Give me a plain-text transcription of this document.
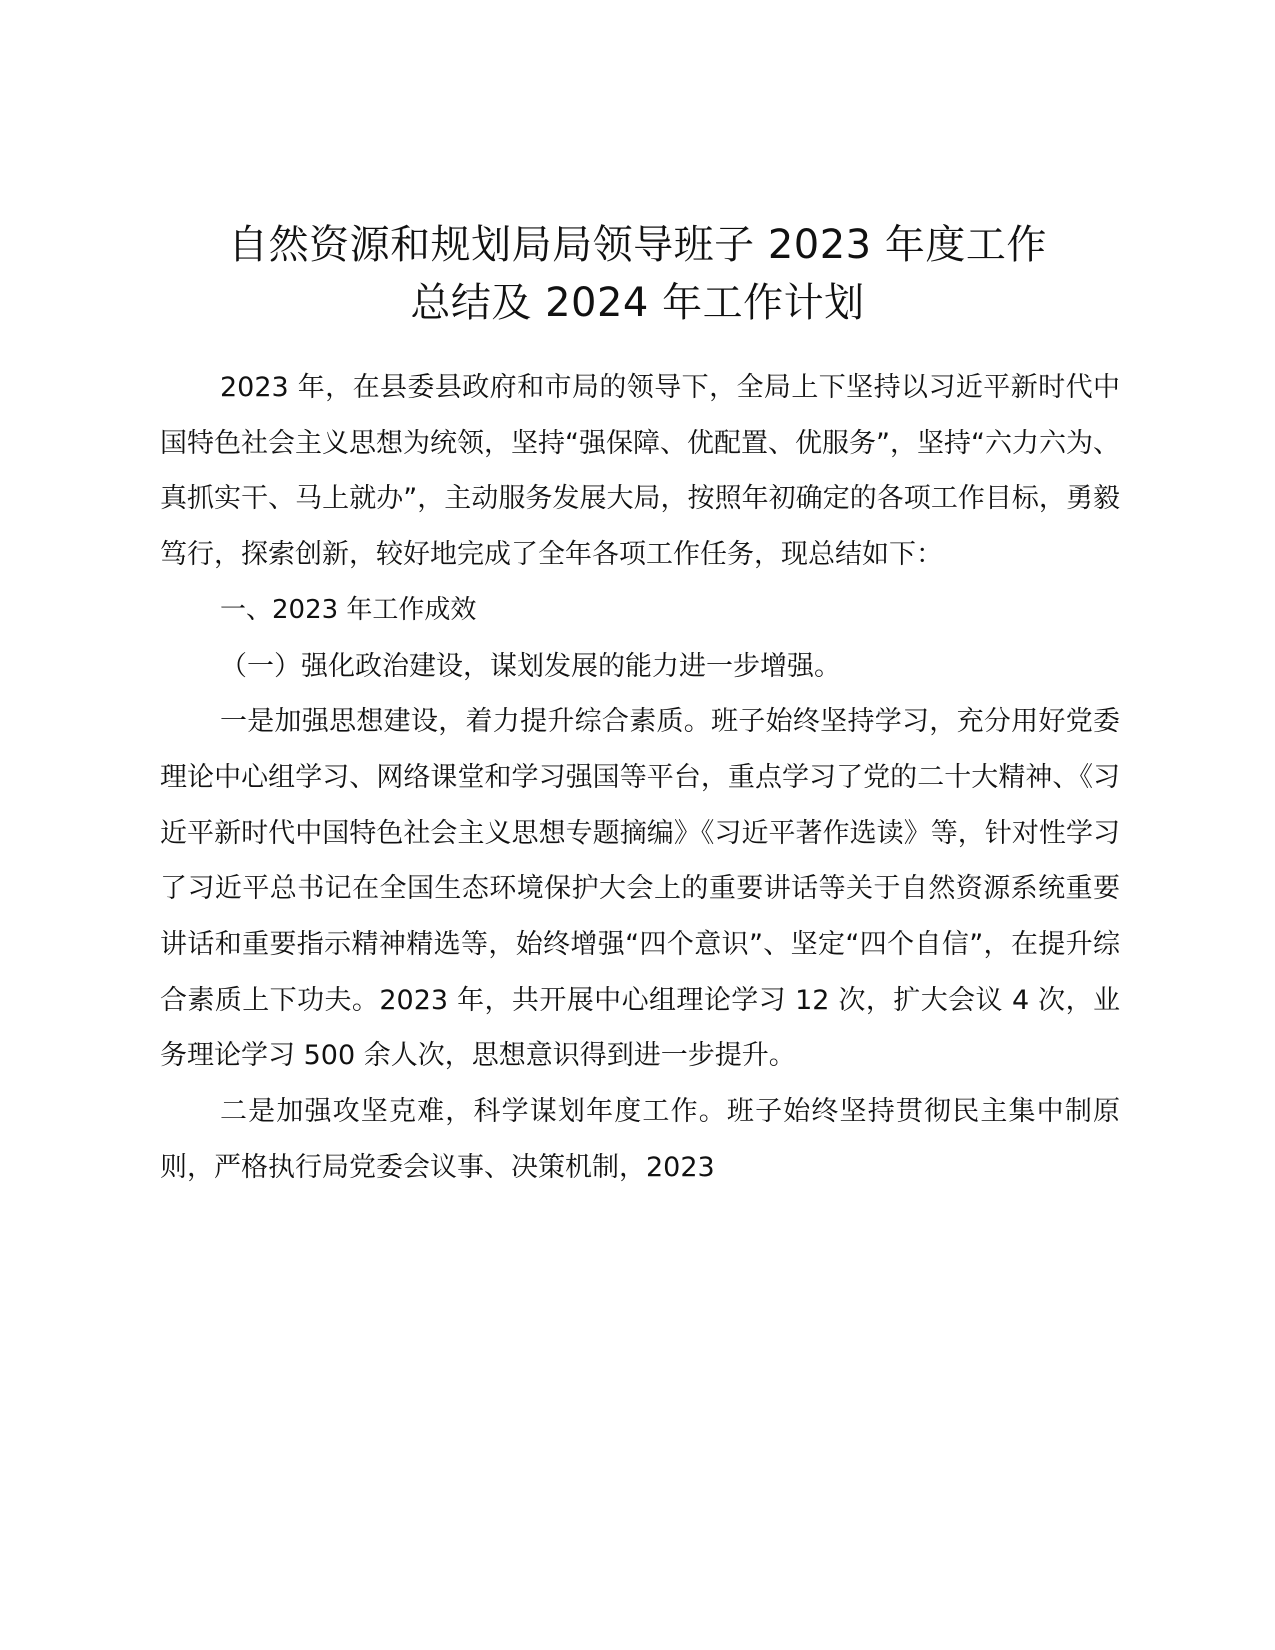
自然资源和规划局局领导班子 2023 年度工作
总结及 2024 年工作计划

2023 年，在县委县政府和市局的领导下，全局上下坚持以习近平新时代中国特色社会主义思想为统领，坚持“强保障、优配置、优服务”，坚持“六力六为、真抓实干、马上就办”，主动服务发展大局，按照年初确定的各项工作目标，勇毅笃行，探索创新，较好地完成了全年各项工作任务，现总结如下：

一、2023 年工作成效

（一）强化政治建设，谋划发展的能力进一步增强。

一是加强思想建设，着力提升综合素质。班子始终坚持学习，充分用好党委理论中心组学习、网络课堂和学习强国等平台，重点学习了党的二十大精神、《习近平新时代中国特色社会主义思想专题摘编》《习近平著作选读》等，针对性学习了习近平总书记在全国生态环境保护大会上的重要讲话等关于自然资源系统重要讲话和重要指示精神精选等，始终增强“四个意识”、坚定“四个自信”，在提升综合素质上下功夫。2023 年，共开展中心组理论学习 12 次，扩大会议 4 次，业务理论学习 500 余人次，思想意识得到进一步提升。

二是加强攻坚克难，科学谋划年度工作。班子始终坚持贯彻民主集中制原则，严格执行局党委会议事、决策机制，2023
